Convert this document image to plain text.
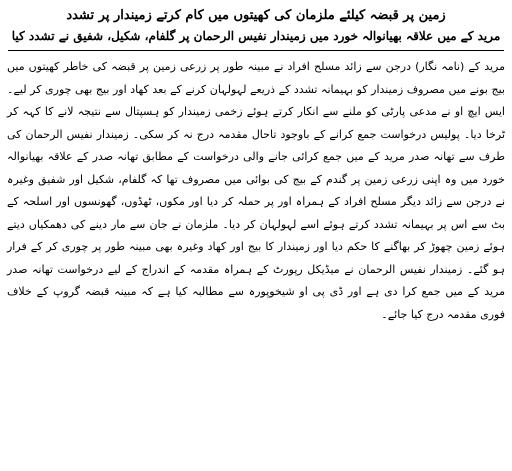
زمین پر قبضہ کیلئے ملزمان کی کھیتوں میں کام کرتے زمیندار پر تشدد

مرید کے میں علاقہ بھیانوالہ خورد میں زمیندار نفیس الرحمان پر گلفام، شکیل، شفیق نے تشدد کیا

مرید کے (نامہ نگار) درجن سے زائد مسلح افراد نے مبینہ طور پر زرعی زمین پر قبضہ کی خاطر کھیتوں میں بیج بونے میں مصروف زمیندار کو بہیمانہ تشدد کے ذریعے لہولہان کرنے کے بعد کھاد اور بیج بھی چوری کر لیے۔ ایس ایچ او نے مدعی پارٹی کو ملنے سے انکار کرتے ہوئے زخمی زمیندار کو ہسپتال سے نتیجہ لانے کا کہہ کر ٹرخا دیا۔ پولیس درخواست جمع کرانے کے باوجود تاحال مقدمہ درج نہ کر سکی۔ زمیندار نفیس الرحمان کی طرف سے تھانہ صدر مرید کے میں جمع کرائی جانے والی درخواست کے مطابق تھانہ صدر کے علاقہ بھیانوالہ خورد میں وہ اپنی زرعی زمین پر گندم کے بیج کی بوائی میں مصروف تھا کہ گلفام، شکیل اور شفیق وغیرہ نے درجن سے زائد دیگر مسلح افراد کے ہمراہ اور پر حملہ کر دیا اور مکوں، ٹھڈوں، گھونسوں اور اسلحہ کے بٹ سے اس پر بہیمانہ تشدد کرتے ہوئے اسے لہولہان کر دیا۔ ملزمان نے جان سے مار دینے کی دھمکیاں دیتے ہوئے زمین چھوڑ کر بھاگنے کا حکم دیا اور زمیندار کا بیج اور کھاد وغیرہ بھی مبینہ طور پر چوری کر کے فرار ہو گئے۔ زمیندار نفیس الرحمان نے میڈیکل رپورٹ کے ہمراہ مقدمہ کے اندراج کے لیے درخواست تھانہ صدر مرید کے میں جمع کرا دی ہے اور ڈی پی او شیخوپورہ سے مطالبہ کیا ہے کہ مبینہ قبضہ گروپ کے خلاف فوری مقدمہ درج کیا جائے۔
